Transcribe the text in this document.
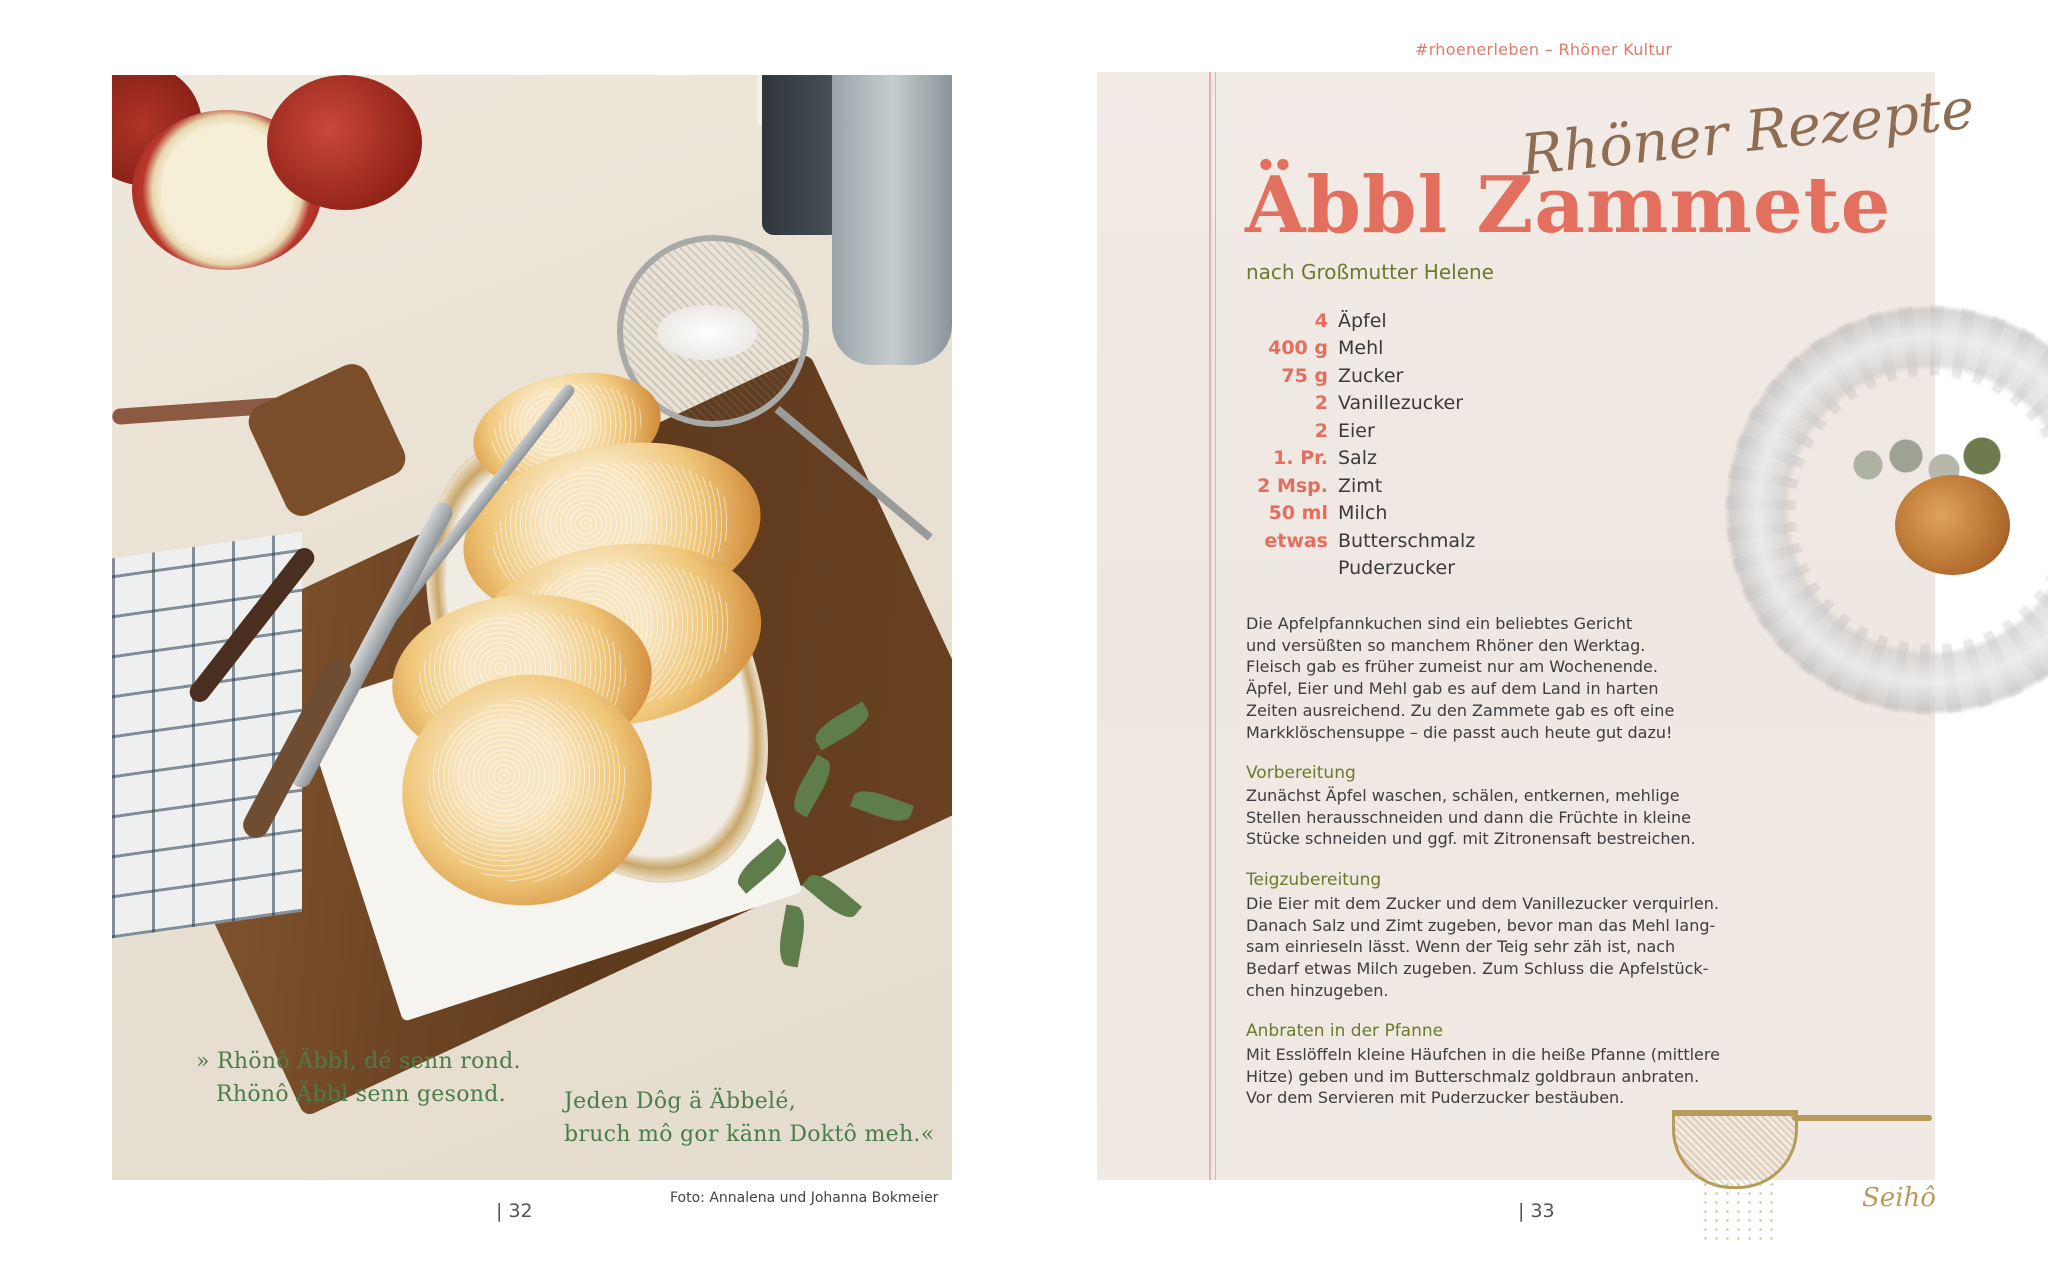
» Rhönô Äbbl, dé senn rond.
Rhönô Äbbl senn gesond.	Jeden Dôg ä Äbbelé,
bruch mô gor känn Doktô meh.«
| 32
Foto: Annalena und Johanna Bokmeier
#rhoenerleben – Rhöner Kultur
Rhöner Rezepte
Äbbl Zammete
nach Großmutter Helene
4 Äpfel
400 g Mehl
75 g Zucker
2 Vanillezucker
2 Eier
1. Pr. Salz
2 Msp. Zimt
50 ml Milch
etwas Butterschmalz
Puderzucker
Die Apfelpfannkuchen sind ein beliebtes Gericht
und versüßten so manchem Rhöner den Werktag.
Fleisch gab es früher zumeist nur am Wochenende.
Äpfel, Eier und Mehl gab es auf dem Land in harten
Zeiten ausreichend. Zu den Zammete gab es oft eine
Markklöschensuppe – die passt auch heute gut dazu!
Vorbereitung
Zunächst Äpfel waschen, schälen, entkernen, mehlige
Stellen herausschneiden und dann die Früchte in kleine
Stücke schneiden und ggf. mit Zitronensaft bestreichen.
Teigzubereitung
Die Eier mit dem Zucker und dem Vanillezucker verquirlen.
Danach Salz und Zimt zugeben, bevor man das Mehl lang-
sam einrieseln lässt. Wenn der Teig sehr zäh ist, nach
Bedarf etwas Milch zugeben. Zum Schluss die Apfelstück-
chen hinzugeben.
Anbraten in der Pfanne
Mit Esslöffeln kleine Häufchen in die heiße Pfanne (mittlere
Hitze) geben und im Butterschmalz goldbraun anbraten.
Vor dem Servieren mit Puderzucker bestäuben.
Seihô
| 33
